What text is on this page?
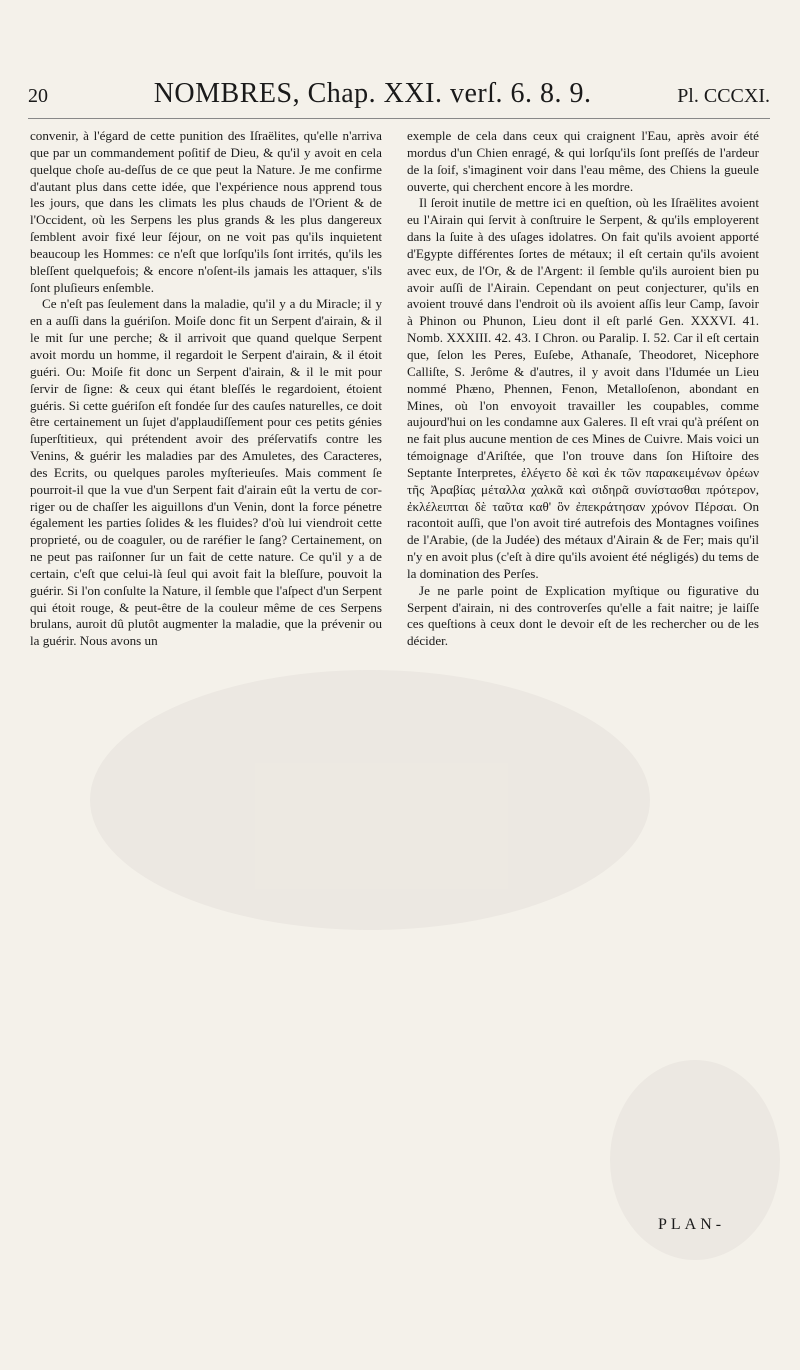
20	NOMBRES, Chap. XXI. verſ. 6. 8. 9.	Pl. CCCXI.

convenir, à l'égard de cette punition des Iſraëlites, qu'elle n'arriva que par un commandement poſitif de Dieu, & qu'il y avoit en cela quelque choſe au-deſſus de ce que peut la Nature. Je me confirme d'autant plus dans cette idée, que l'expérience nous apprend tous les jours, que dans les climats les plus chauds de l'Orient & de l'Occident, où les Serpens les plus grands & les plus dangereux ſemblent avoir fixé leur ſéjour, on ne voit pas qu'ils inquietent beaucoup les Hommes: ce n'eſt que lorſqu'ils ſont irrités, qu'ils les bleſſent quelquefois; & encore n'oſent-ils jamais les attaquer, s'ils ſont pluſieurs enſemble.

Ce n'eſt pas ſeulement dans la maladie, qu'il y a du Miracle; il y en a auſſi dans la guériſon. Moiſe donc fit un Serpent d'airain, & il le mit ſur une perche; & il arrivoit que quand quelque Serpent avoit mordu un homme, il regardoit le Serpent d'airain, & il étoit guéri. Ou: Moiſe fit donc un Serpent d'airain, & il le mit pour ſervir de ſigne: & ceux qui étant bleſſés le regardoient, étoient guéris. Si cette guériſon eſt fondée ſur des cauſes naturelles, ce doit être certainement un ſujet d'applaudiſſement pour ces petits génies ſuperſtitieux, qui prétendent avoir des préſervatifs contre les Venins, & guérir les maladies par des Amuletes, des Caracteres, des Ecrits, ou quelques paroles myſterieuſes. Mais comment ſe pourroit-il que la vue d'un Serpent fait d'airain eût la vertu de corriger ou de chaſſer les aiguillons d'un Venin, dont la force pénetre également les parties ſolides & les fluides? d'où lui viendroit cette proprieté, ou de coaguler, ou de raréfier le ſang? Certainement, on ne peut pas raiſonner ſur un fait de cette nature. Ce qu'il y a de certain, c'eſt que celui-là ſeul qui avoit fait la bleſſure, pouvoit la guérir. Si l'on conſulte la Nature, il ſemble que l'aſpect d'un Serpent qui étoit rouge, & peut-être de la couleur même de ces Serpens brulans, auroit dû plutôt augmenter la maladie, que la prévenir ou la guérir. Nous avons un

exemple de cela dans ceux qui craignent l'Eau, après avoir été mordus d'un Chien enragé, & qui lorſqu'ils ſont preſſés de l'ardeur de la ſoif, s'imaginent voir dans l'eau même, des Chiens la gueule ouverte, qui cherchent encore à les mordre.

Il ſeroit inutile de mettre ici en queſtion, où les Iſraëlites avoient eu l'Airain qui ſervit à conſtruire le Serpent, & qu'ils employerent dans la ſuite à des uſages idolatres. On fait qu'ils avoient apporté d'Egypte différentes ſortes de métaux; il eſt certain qu'ils avoient avec eux, de l'Or, & de l'Argent: il ſemble qu'ils auroient bien pu avoir auſſi de l'Airain. Cependant on peut conjecturer, qu'ils en avoient trouvé dans l'endroit où ils avoient aſſis leur Camp, ſavoir à Phinon ou Phunon, Lieu dont il eſt parlé Gen. XXXVI. 41. Nomb. XXXIII. 42. 43. I Chron. ou Paralip. I. 52. Car il eſt certain que, ſelon les Peres, Euſebe, Athanaſe, Theodoret, Nicephore Calliſte, S. Jerôme & d'autres, il y avoit dans l'Idumée un Lieu nommé Phæno, Phennen, Fenon, Metalloſenon, abondant en Mines, où l'on envoyoit travailler les coupables, comme aujourd'hui on les condamne aux Galeres. Il eſt vrai qu'à préſent on ne fait plus aucune mention de ces Mines de Cuivre. Mais voici un témoignage d'Ariſtée, que l'on trouve dans ſon Hiſtoire des Septante Interpretes, ἐλέγετο δὲ καὶ ἐκ τῶν παρακειμένων ὀρέων τῆς Ἀραβίας μέταλλα χαλκᾶ καὶ σιδηρᾶ συνίστασθαι πρότερον, ἐκλέλειπται δὲ ταῦτα καθ' ὃν ἐπεκράτησαν χρόνον Πέρσαι. On racontoit auſſi, que l'on avoit tiré autrefois des Montagnes voiſines de l'Arabie, (de la Judée) des métaux d'Airain & de Fer; mais qu'il n'y en avoit plus (c'eſt à dire qu'ils avoient été négligés) du tems de la domination des Perſes.

Je ne parle point de Explication myſtique ou figurative du Serpent d'airain, ni des controverſes qu'elle a fait naitre; je laiſſe ces queſtions à ceux dont le devoir eſt de les rechercher ou de les décider.

PLAN-
